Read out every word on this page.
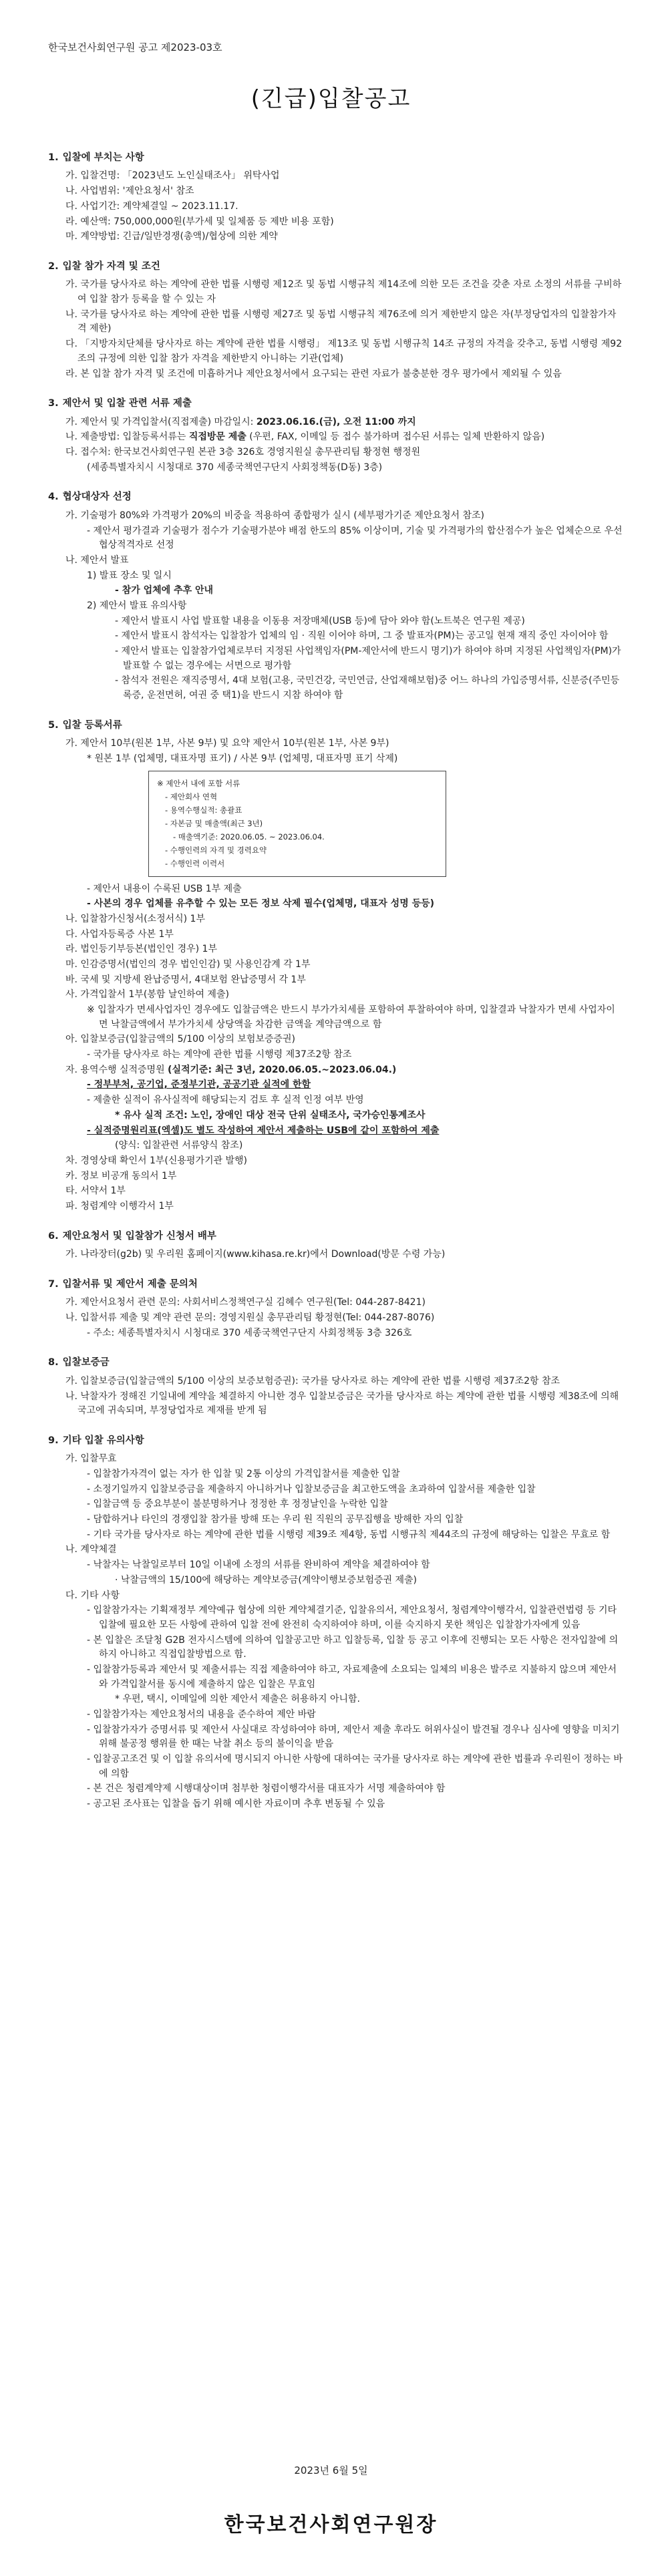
한국보건사회연구원 공고 제2023-03호
(긴급)입찰공고
1. 입찰에 부치는 사항
가. 입찰건명: 「2023년도 노인실태조사」 위탁사업
나. 사업범위: '제안요청서' 참조
다. 사업기간: 계약체결일 ~ 2023.11.17.
라. 예산액: 750,000,000원(부가세 및 일체품 등 제반 비용 포함)
마. 계약방법: 긴급/일반경쟁(총액)/협상에 의한 계약
2. 입찰 참가 자격 및 조건
가. 국가를 당사자로 하는 계약에 관한 법률 시행령 제12조 및 동법 시행규칙 제14조에 의한 모든 조건을 갖춘 자로 소정의 서류를 구비하여 입찰 참가 등록을 할 수 있는 자
나. 국가를 당사자로 하는 계약에 관한 법률 시행령 제27조 및 동법 시행규칙 제76조에 의거 제한받지 않은 자(부정당업자의 입찰참가자격 제한)
다. 「지방자치단체를 당사자로 하는 계약에 관한 법률 시행령」 제13조 및 동법 시행규칙 14조 규정의 자격을 갖추고, 동법 시행령 제92조의 규정에 의한 입찰 참가 자격을 제한받지 아니하는 기관(업체)
라. 본 입찰 참가 자격 및 조건에 미흡하거나 제안요청서에서 요구되는 관련 자료가 불충분한 경우 평가에서 제외될 수 있음
3. 제안서 및 입찰 관련 서류 제출
가. 제안서 및 가격입찰서(직접제출) 마감일시: 2023.06.16.(금), 오전 11:00 까지
나. 제출방법: 입찰등록서류는 직접방문 제출 (우편, FAX, 이메일 등 접수 불가하며 접수된 서류는 일체 반환하지 않음)
다. 접수처: 한국보건사회연구원 본관 3층 326호 경영지원실 총무관리팀 황정현 행정원
(세종특별자치시 시청대로 370 세종국책연구단지 사회정책동(D동) 3층)
4. 협상대상자 선정
가. 기술평가 80%와 가격평가 20%의 비중을 적용하여 종합평가 실시 (세부평가기준 제안요청서 참조)
- 제안서 평가결과 기술평가 점수가 기술평가분야 배점 한도의 85% 이상이며, 기술 및 가격평가의 합산점수가 높은 업체순으로 우선 협상적격자로 선정
나. 제안서 발표
1) 발표 장소 및 일시
- 참가 업체에 추후 안내
2) 제안서 발표 유의사항
- 제안서 발표시 사업 발표할 내용을 이동용 저장매체(USB 등)에 담아 와야 함(노트북은 연구원 제공)
- 제안서 발표시 참석자는 입찰참가 업체의 임 · 직원 이어야 하며, 그 중 발표자(PM)는 공고일 현재 재직 중인 자이어야 함
- 제안서 발표는 입찰참가업체로부터 지정된 사업책임자(PM-제안서에 반드시 명기)가 하여야 하며 지정된 사업책임자(PM)가 발표할 수 없는 경우에는 서면으로 평가함
- 참석자 전원은 재직증명서, 4대 보험(고용, 국민건강, 국민연금, 산업재해보험)중 어느 하나의 가입증명서류, 신분증(주민등록증, 운전면허, 여권 중 택1)을 반드시 지참 하여야 함
5. 입찰 등록서류
가. 제안서 10부(원본 1부, 사본 9부) 및 요약 제안서 10부(원본 1부, 사본 9부)
* 원본 1부 (업체명, 대표자명 표기) / 사본 9부 (업체명, 대표자명 표기 삭제)
※ 제안서 내에 포함 서류
- 제안회사 연혁
- 용역수행실적: 총괄표
- 자본금 및 매출액(최근 3년)
- 매출액기준: 2020.06.05. ~ 2023.06.04.
- 수행인력의 자격 및 경력요약
- 수행인력 이력서
- 제안서 내용이 수록된 USB 1부 제출
- 사본의 경우 업체를 유추할 수 있는 모든 정보 삭제 필수(업체명, 대표자 성명 등등)
나. 입찰참가신청서(소정서식) 1부
다. 사업자등록증 사본 1부
라. 법인등기부등본(법인인 경우) 1부
마. 인감증명서(법인의 경우 법인인감) 및 사용인감계 각 1부
바. 국세 및 지방세 완납증명서, 4대보험 완납증명서 각 1부
사. 가격입찰서 1부(봉함 날인하여 제출)
※ 입찰자가 면세사업자인 경우에도 입찰금액은 반드시 부가가치세를 포함하여 투찰하여야 하며, 입찰결과 낙찰자가 면세 사업자이면 낙찰금액에서 부가가치세 상당액을 차감한 금액을 계약금액으로 함
아. 입찰보증금(입찰금액의 5/100 이상의 보험보증증권)
- 국가를 당사자로 하는 계약에 관한 법률 시행령 제37조2항 참조
자. 용역수행 실적증명원 (실적기준: 최근 3년, 2020.06.05.~2023.06.04.)
- 정부부처, 공기업, 준정부기관, 공공기관 실적에 한함
- 제출한 실적이 유사실적에 해당되는지 검토 후 실적 인정 여부 반영
* 유사 실적 조건: 노인, 장애인 대상 전국 단위 실태조사, 국가승인통계조사
- 실적증명원리표(엑셀)도 별도 작성하여 제안서 제출하는 USB에 같이 포함하여 제출
(양식: 입찰관련 서류양식 참조)
차. 경영상태 확인서 1부(신용평가기관 발행)
카. 정보 비공개 동의서 1부
타. 서약서 1부
파. 청렴계약 이행각서 1부
6. 제안요청서 및 입찰참가 신청서 배부
가. 나라장터(g2b) 및 우리원 홈페이지(www.kihasa.re.kr)에서 Download(방문 수령 가능)
7. 입찰서류 및 제안서 제출 문의처
가. 제안서요청서 관련 문의: 사회서비스정책연구실 김혜수 연구원(Tel: 044-287-8421)
나. 입찰서류 제출 및 계약 관련 문의: 경영지원실 총무관리팀 황정현(Tel: 044-287-8076)
- 주소: 세종특별자치시 시청대로 370 세종국책연구단지 사회정책동 3층 326호
8. 입찰보증금
가. 입찰보증금(입찰금액의 5/100 이상의 보증보험증권): 국가를 당사자로 하는 계약에 관한 법률 시행령 제37조2항 참조
나. 낙찰자가 정해진 기일내에 계약을 체결하지 아니한 경우 입찰보증금은 국가를 당사자로 하는 계약에 관한 법률 시행령 제38조에 의해 국고에 귀속되며, 부정당업자로 제재를 받게 됨
9. 기타 입찰 유의사항
가. 입찰무효
- 입찰참가자격이 없는 자가 한 입찰 및 2통 이상의 가격입찰서를 제출한 입찰
- 소정기일까지 입찰보증금을 제출하지 아니하거나 입찰보증금을 최고한도액을 초과하여 입찰서를 제출한 입찰
- 입찰금액 등 중요부분이 불분명하거나 정정한 후 정정날인을 누락한 입찰
- 담합하거나 타인의 경쟁입찰 참가를 방해 또는 우리 원 직원의 공무집행을 방해한 자의 입찰
- 기타 국가를 당사자로 하는 계약에 관한 법률 시행령 제39조 제4항, 동법 시행규칙 제44조의 규정에 해당하는 입찰은 무효로 함
나. 계약체결
- 낙찰자는 낙찰일로부터 10일 이내에 소정의 서류를 완비하여 계약을 체결하여야 함
· 낙찰금액의 15/100에 해당하는 계약보증금(계약이행보증보험증권 제출)
다. 기타 사항
- 입찰참가자는 기획재정부 계약예규 협상에 의한 계약체결기준, 입찰유의서, 제안요청서, 청렴계약이행각서, 입찰관련법령 등 기타 입찰에 필요한 모든 사항에 관하여 입찰 전에 완전히 숙지하여야 하며, 이를 숙지하지 못한 책임은 입찰참가자에게 있음
- 본 입찰은 조달청 G2B 전자시스템에 의하여 입찰공고만 하고 입찰등록, 입찰 등 공고 이후에 진행되는 모든 사항은 전자입찰에 의하지 아니하고 직접입찰방법으로 함.
- 입찰참가등록과 제안서 및 제출서류는 직접 제출하여야 하고, 자료제출에 소요되는 일체의 비용은 발주로 지불하지 않으며 제안서와 가격입찰서를 동시에 제출하지 않은 입찰은 무효임
* 우편, 택시, 이메일에 의한 제안서 제출은 허용하지 아니함.
- 입찰참가자는 제안요청서의 내용을 준수하여 제안 바람
- 입찰참가자가 증명서류 및 제안서 사실대로 작성하여야 하며, 제안서 제출 후라도 허위사실이 발견될 경우나 심사에 영향을 미치기 위해 불공정 행위를 한 때는 낙찰 취소 등의 불이익을 받음
- 입찰공고조건 및 이 입찰 유의서에 명시되지 아니한 사항에 대하여는 국가를 당사자로 하는 계약에 관한 법률과 우리원이 정하는 바에 의함
- 본 건은 청렴계약제 시행대상이며 첨부한 청렴이행각서를 대표자가 서명 제출하여야 함
- 공고된 조사표는 입찰을 돕기 위해 예시한 자료이며 추후 변동될 수 있음
2023년 6월 5일
한국보건사회연구원장
